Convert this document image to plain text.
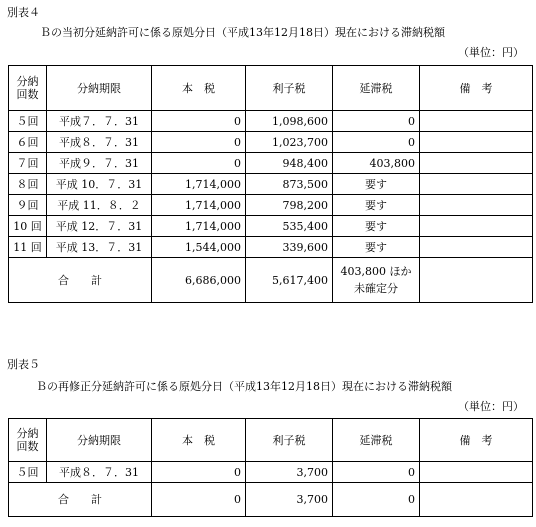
別表４
Ｂの当初分延納許可に係る原処分日（平成13年12月18日）現在における滞納税額
（単位：円）
分納
回数	分納期限	本　税	利子税	延滞税	備　考
５回	平成７．７．31	0	1,098,600	0	
６回	平成８．７．31	0	1,023,700	0	
７回	平成９．７．31	0	948,400	403,800	
８回	平成 10．７．31	1,714,000	873,500	要す	
９回	平成 11．８．２	1,714,000	798,200	要す	
10 回	平成 12．７．31	1,714,000	535,400	要す	
11 回	平成 13．７．31	1,544,000	339,600	要す	
合　　計		6,686,000	5,617,400	403,800 ほか
未確定分	

別表５
Ｂの再修正分延納許可に係る原処分日（平成13年12月18日）現在における滞納税額
（単位：円）
分納
回数	分納期限	本　税	利子税	延滞税	備　考
５回	平成８．７．31	0	3,700	0	
合　　計		0	3,700	0	
